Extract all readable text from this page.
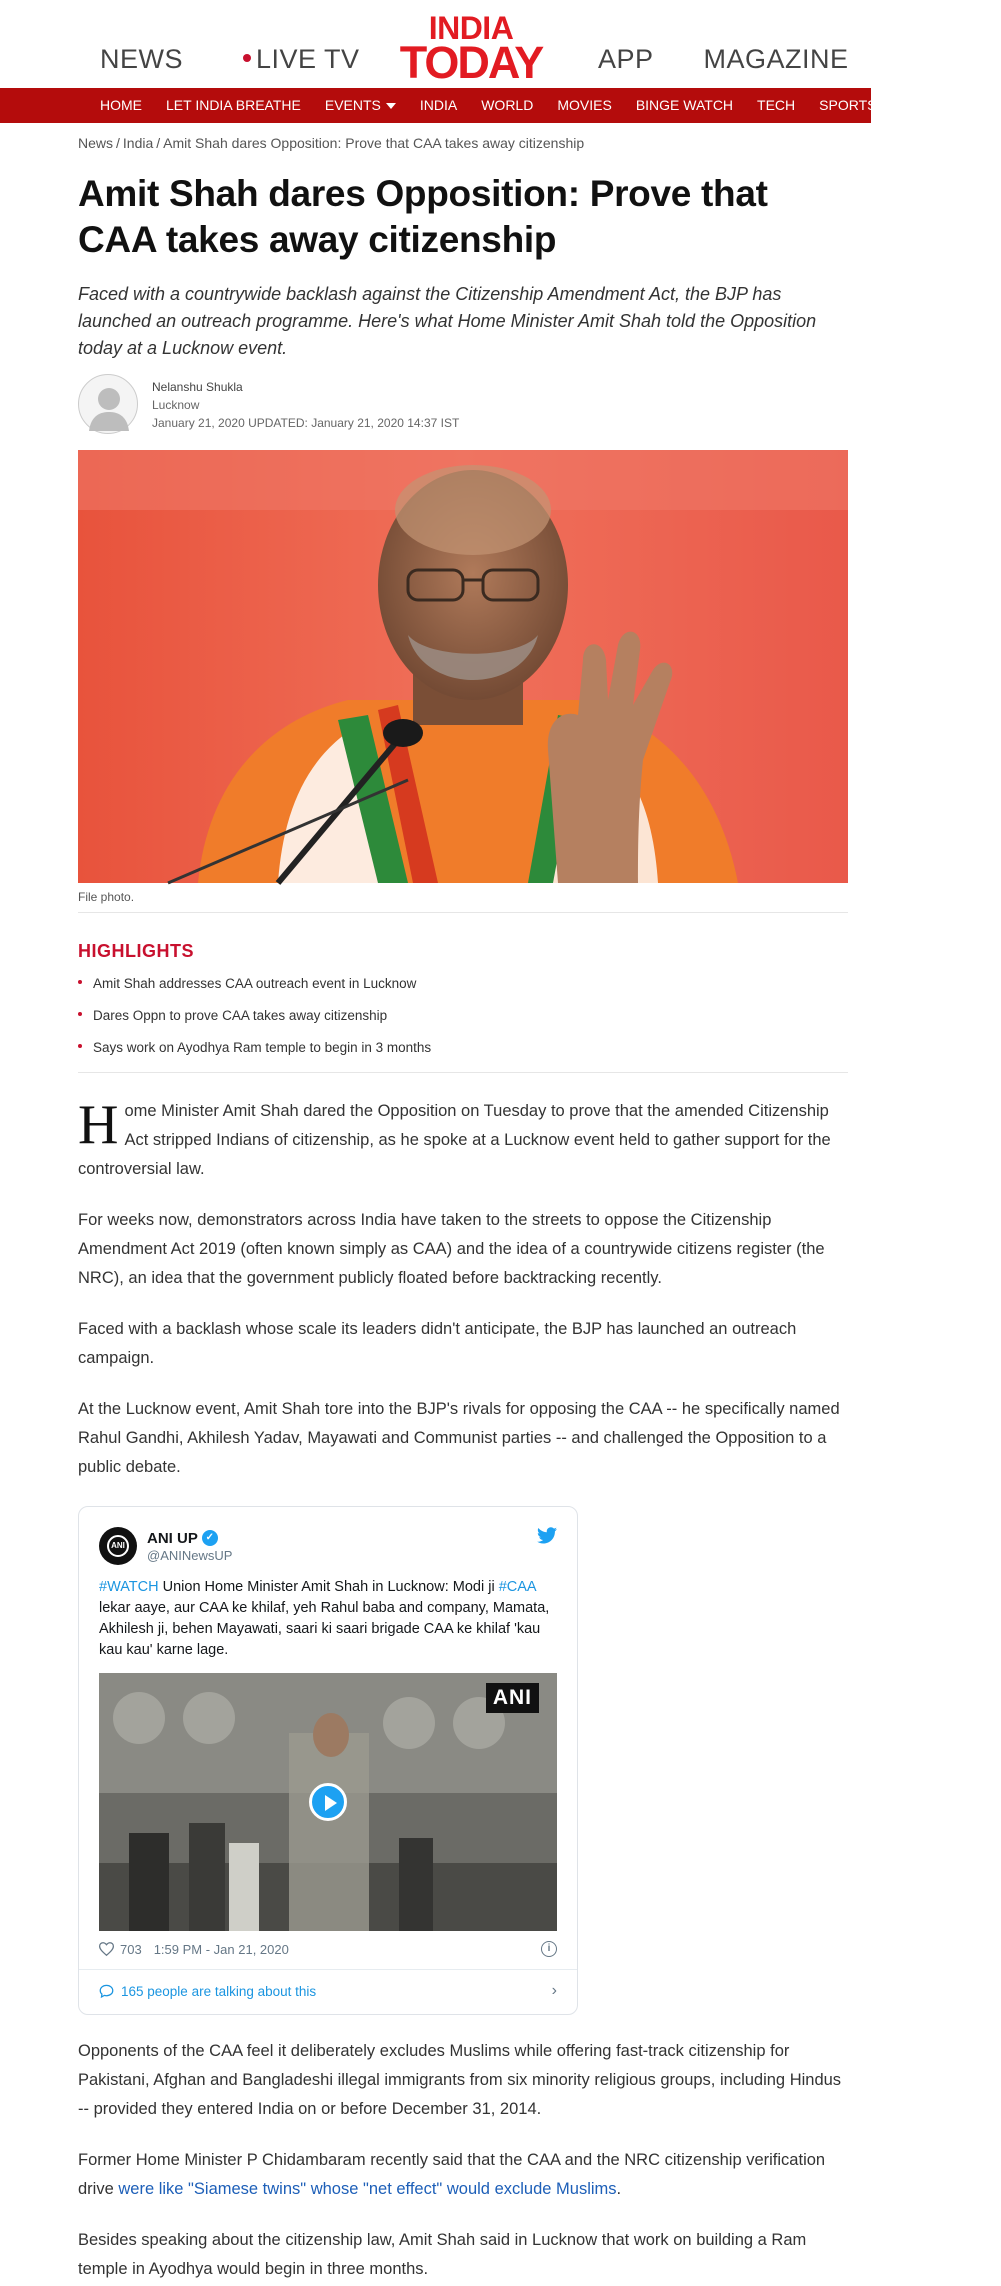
NEWS	LIVE TV
INDIA
TODAY APP MAGAZINE
HOME	LET INDIA BREATHE	EVENTS	INDIA	WORLD	MOVIES	BINGE WATCH	TECH	SPORTS	FACT CHECK
News / India / Amit Shah dares Opposition: Prove that CAA takes away citizenship
Amit Shah dares Opposition: Prove that CAA takes away citizenship

Faced with a countrywide backlash against the Citizenship Amendment Act, the BJP has launched an outreach programme. Here's what Home Minister Amit Shah told the Opposition today at a Lucknow event.

Nelanshu Shukla
Lucknow
January 21, 2020 UPDATED: January 21, 2020 14:37 IST
File photo.
HIGHLIGHTS
Amit Shah addresses CAA outreach event in Lucknow
Dares Oppn to prove CAA takes away citizenship
Says work on Ayodhya Ram temple to begin in 3 months

Home Minister Amit Shah dared the Opposition on Tuesday to prove that the amended Citizenship Act stripped Indians of citizenship, as he spoke at a Lucknow event held to gather support for the controversial law.

For weeks now, demonstrators across India have taken to the streets to oppose the Citizenship Amendment Act 2019 (often known simply as CAA) and the idea of a countrywide citizens register (the NRC), an idea that the government publicly floated before backtracking recently.

Faced with a backlash whose scale its leaders didn't anticipate, the BJP has launched an outreach campaign.

At the Lucknow event, Amit Shah tore into the BJP's rivals for opposing the CAA -- he specifically named Rahul Gandhi, Akhilesh Yadav, Mayawati and Communist parties -- and challenged the Opposition to a public debate.

ANI ANI UP ✓
@ANINewsUP
#WATCH Union Home Minister Amit Shah in Lucknow: Modi ji #CAA lekar aaye, aur CAA ke khilaf, yeh Rahul baba and company, Mamata, Akhilesh ji, behen Mayawati, saari ki saari brigade CAA ke khilaf 'kau kau kau' karne lage.
ANI
703 1:59 PM - Jan 21, 2020	i
165 people are talking about this	›

Opponents of the CAA feel it deliberately excludes Muslims while offering fast-track citizenship for Pakistani, Afghan and Bangladeshi illegal immigrants from six minority religious groups, including Hindus -- provided they entered India on or before December 31, 2014.

Former Home Minister P Chidambaram recently said that the CAA and the NRC citizenship verification drive were like "Siamese twins" whose "net effect" would exclude Muslims.

Besides speaking about the citizenship law, Amit Shah said in Lucknow that work on building a Ram temple in Ayodhya would begin in three months.
